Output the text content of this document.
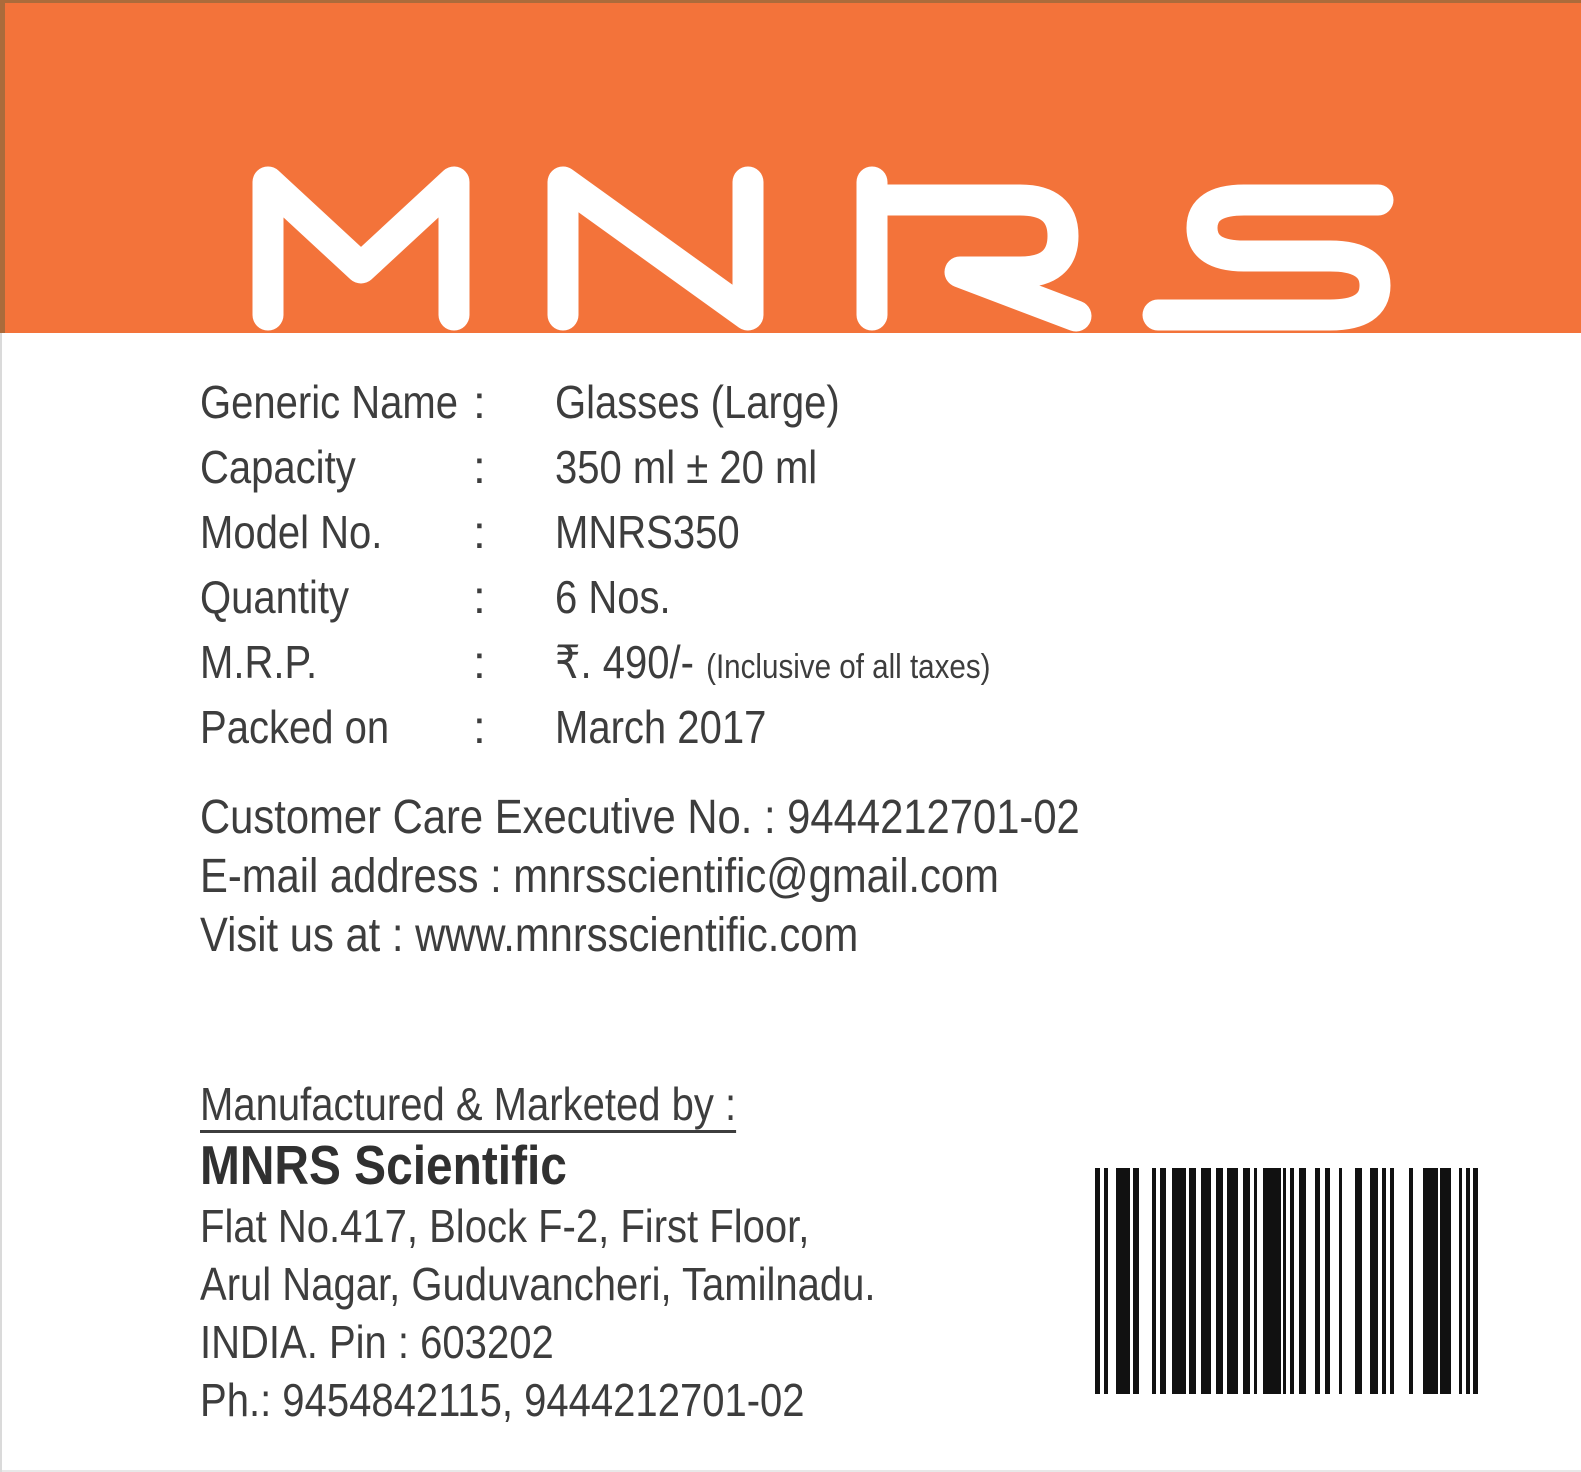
Generic Name :	Glasses (Large)
Capacity	:	350 ml ± 20 ml
Model No.	:	MNRS350
Quantity	:	6 Nos.
M.R.P.	:	₹. 490/- (Inclusive of all taxes)
Packed on	:	March 2017
Customer Care Executive No. : 9444212701-02
E-mail address : mnrsscientific@gmail.com
Visit us at : www.mnrsscientific.com
Manufactured & Marketed by :
MNRS Scientific
Flat No.417, Block F-2, First Floor,
Arul Nagar, Guduvancheri, Tamilnadu.
INDIA. Pin : 603202
Ph.: 9454842115, 9444212701-02
